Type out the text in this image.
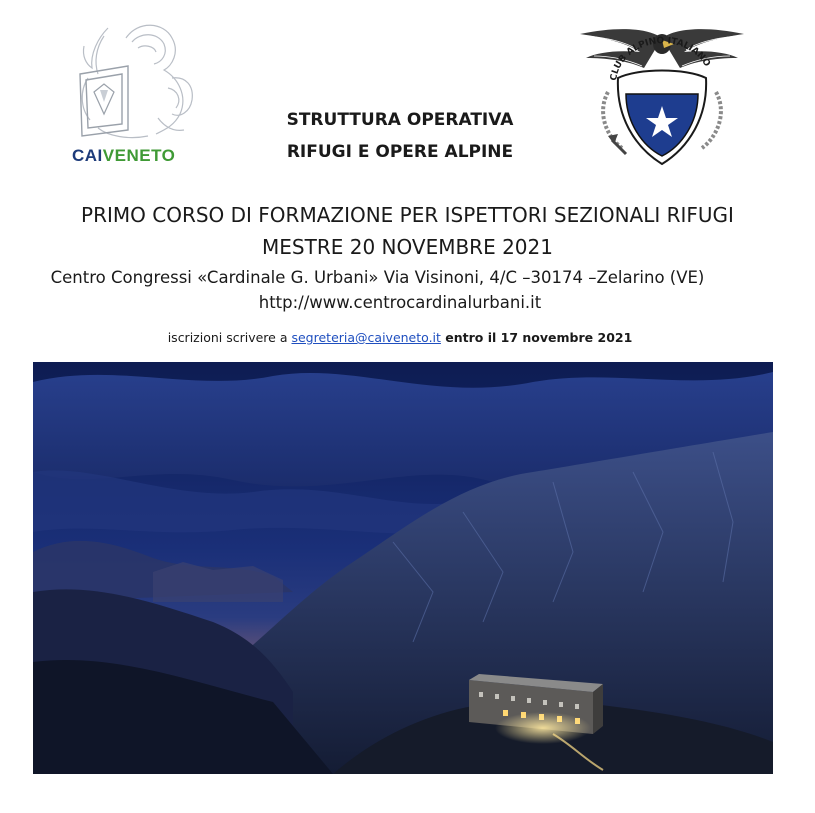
CAIVENETO
CLUB ALPINO ITALIANO
STRUTTURA OPERATIVA
RIFUGI E OPERE ALPINE
PRIMO CORSO DI FORMAZIONE PER ISPETTORI SEZIONALI RIFUGI
MESTRE 20 NOVEMBRE 2021
Centro Congressi «Cardinale G. Urbani» Via Visinoni, 4/C –30174 –Zelarino (VE)
http://www.centrocardinalurbani.it
iscrizioni scrivere a segreteria@caiveneto.it entro il 17 novembre 2021
